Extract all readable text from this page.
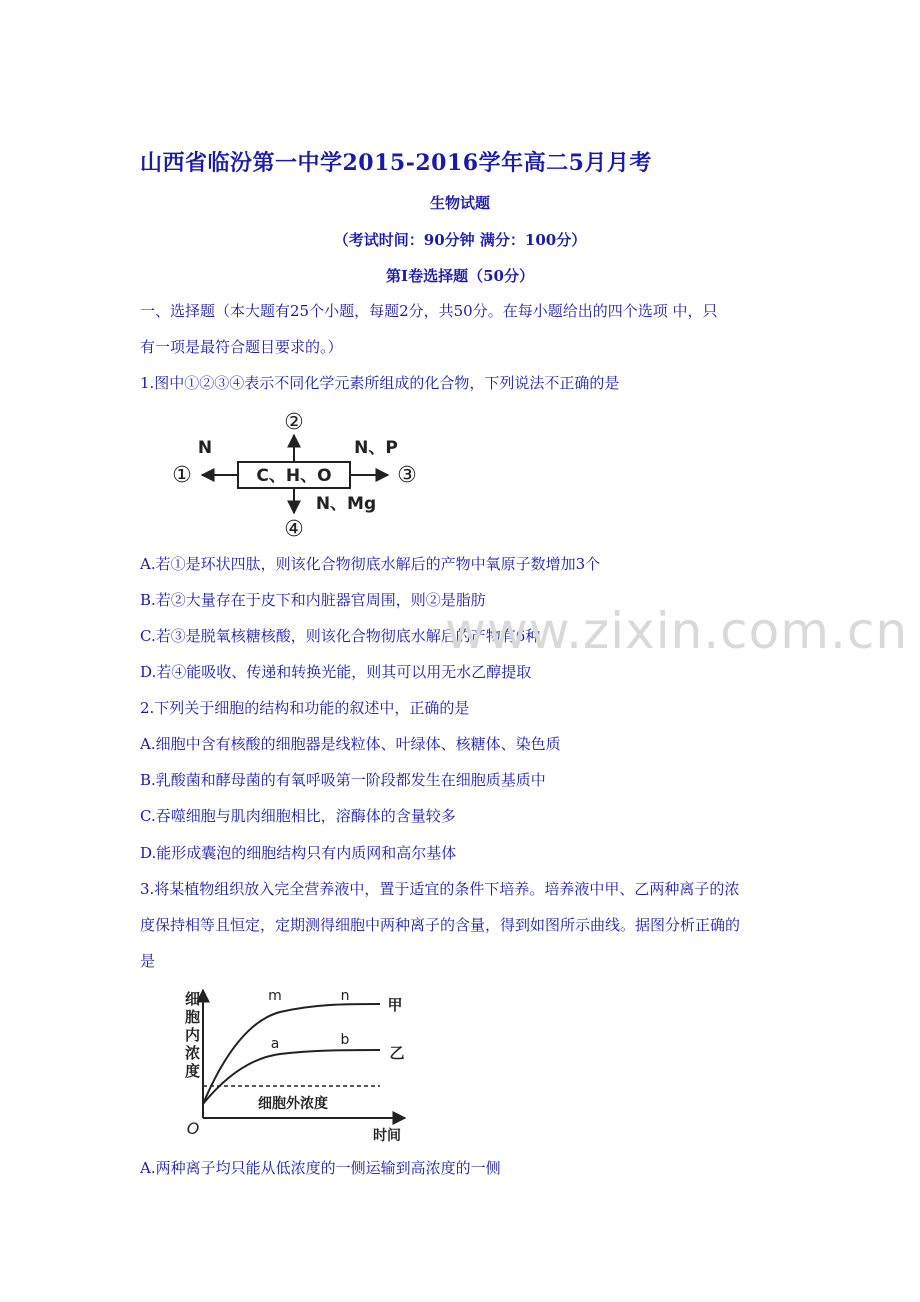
山西省临汾第一中学2015-2016学年高二5月月考
生物试题
（考试时间：90分钟 满分：100分）
第I卷选择题（50分）
一、选择题（本大题有25个小题，每题2分，共50分。在每小题给出的四个选项 中，只
有一项是最符合题目要求的。）
1.图中①②③④表示不同化学元素所组成的化合物，下列说法不正确的是
C、H、O
①
N
②
N、P
③
N、Mg
④
A.若①是环状四肽，则该化合物彻底水解后的产物中氧原子数增加3个
B.若②大量存在于皮下和内脏器官周围，则②是脂肪
C.若③是脱氧核糖核酸，则该化合物彻底水解后的产物有6种
D.若④能吸收、传递和转换光能，则其可以用无水乙醇提取
www.zixin.com.cn
2.下列关于细胞的结构和功能的叙述中，正确的是
A.细胞中含有核酸的细胞器是线粒体、叶绿体、核糖体、染色质
B.乳酸菌和酵母菌的有氧呼吸第一阶段都发生在细胞质基质中
C.吞噬细胞与肌肉细胞相比，溶酶体的含量较多
D.能形成囊泡的细胞结构只有内质网和高尔基体
3.将某植物组织放入完全营养液中，置于适宜的条件下培养。培养液中甲、乙两种离子的浓
度保持相等且恒定，定期测得细胞中两种离子的含量，得到如图所示曲线。据图分析正确的
是
细
胞
内
浓
度
m	n
a	b
甲
乙
细胞外浓度
O	时间
A.两种离子均只能从低浓度的一侧运输到高浓度的一侧
